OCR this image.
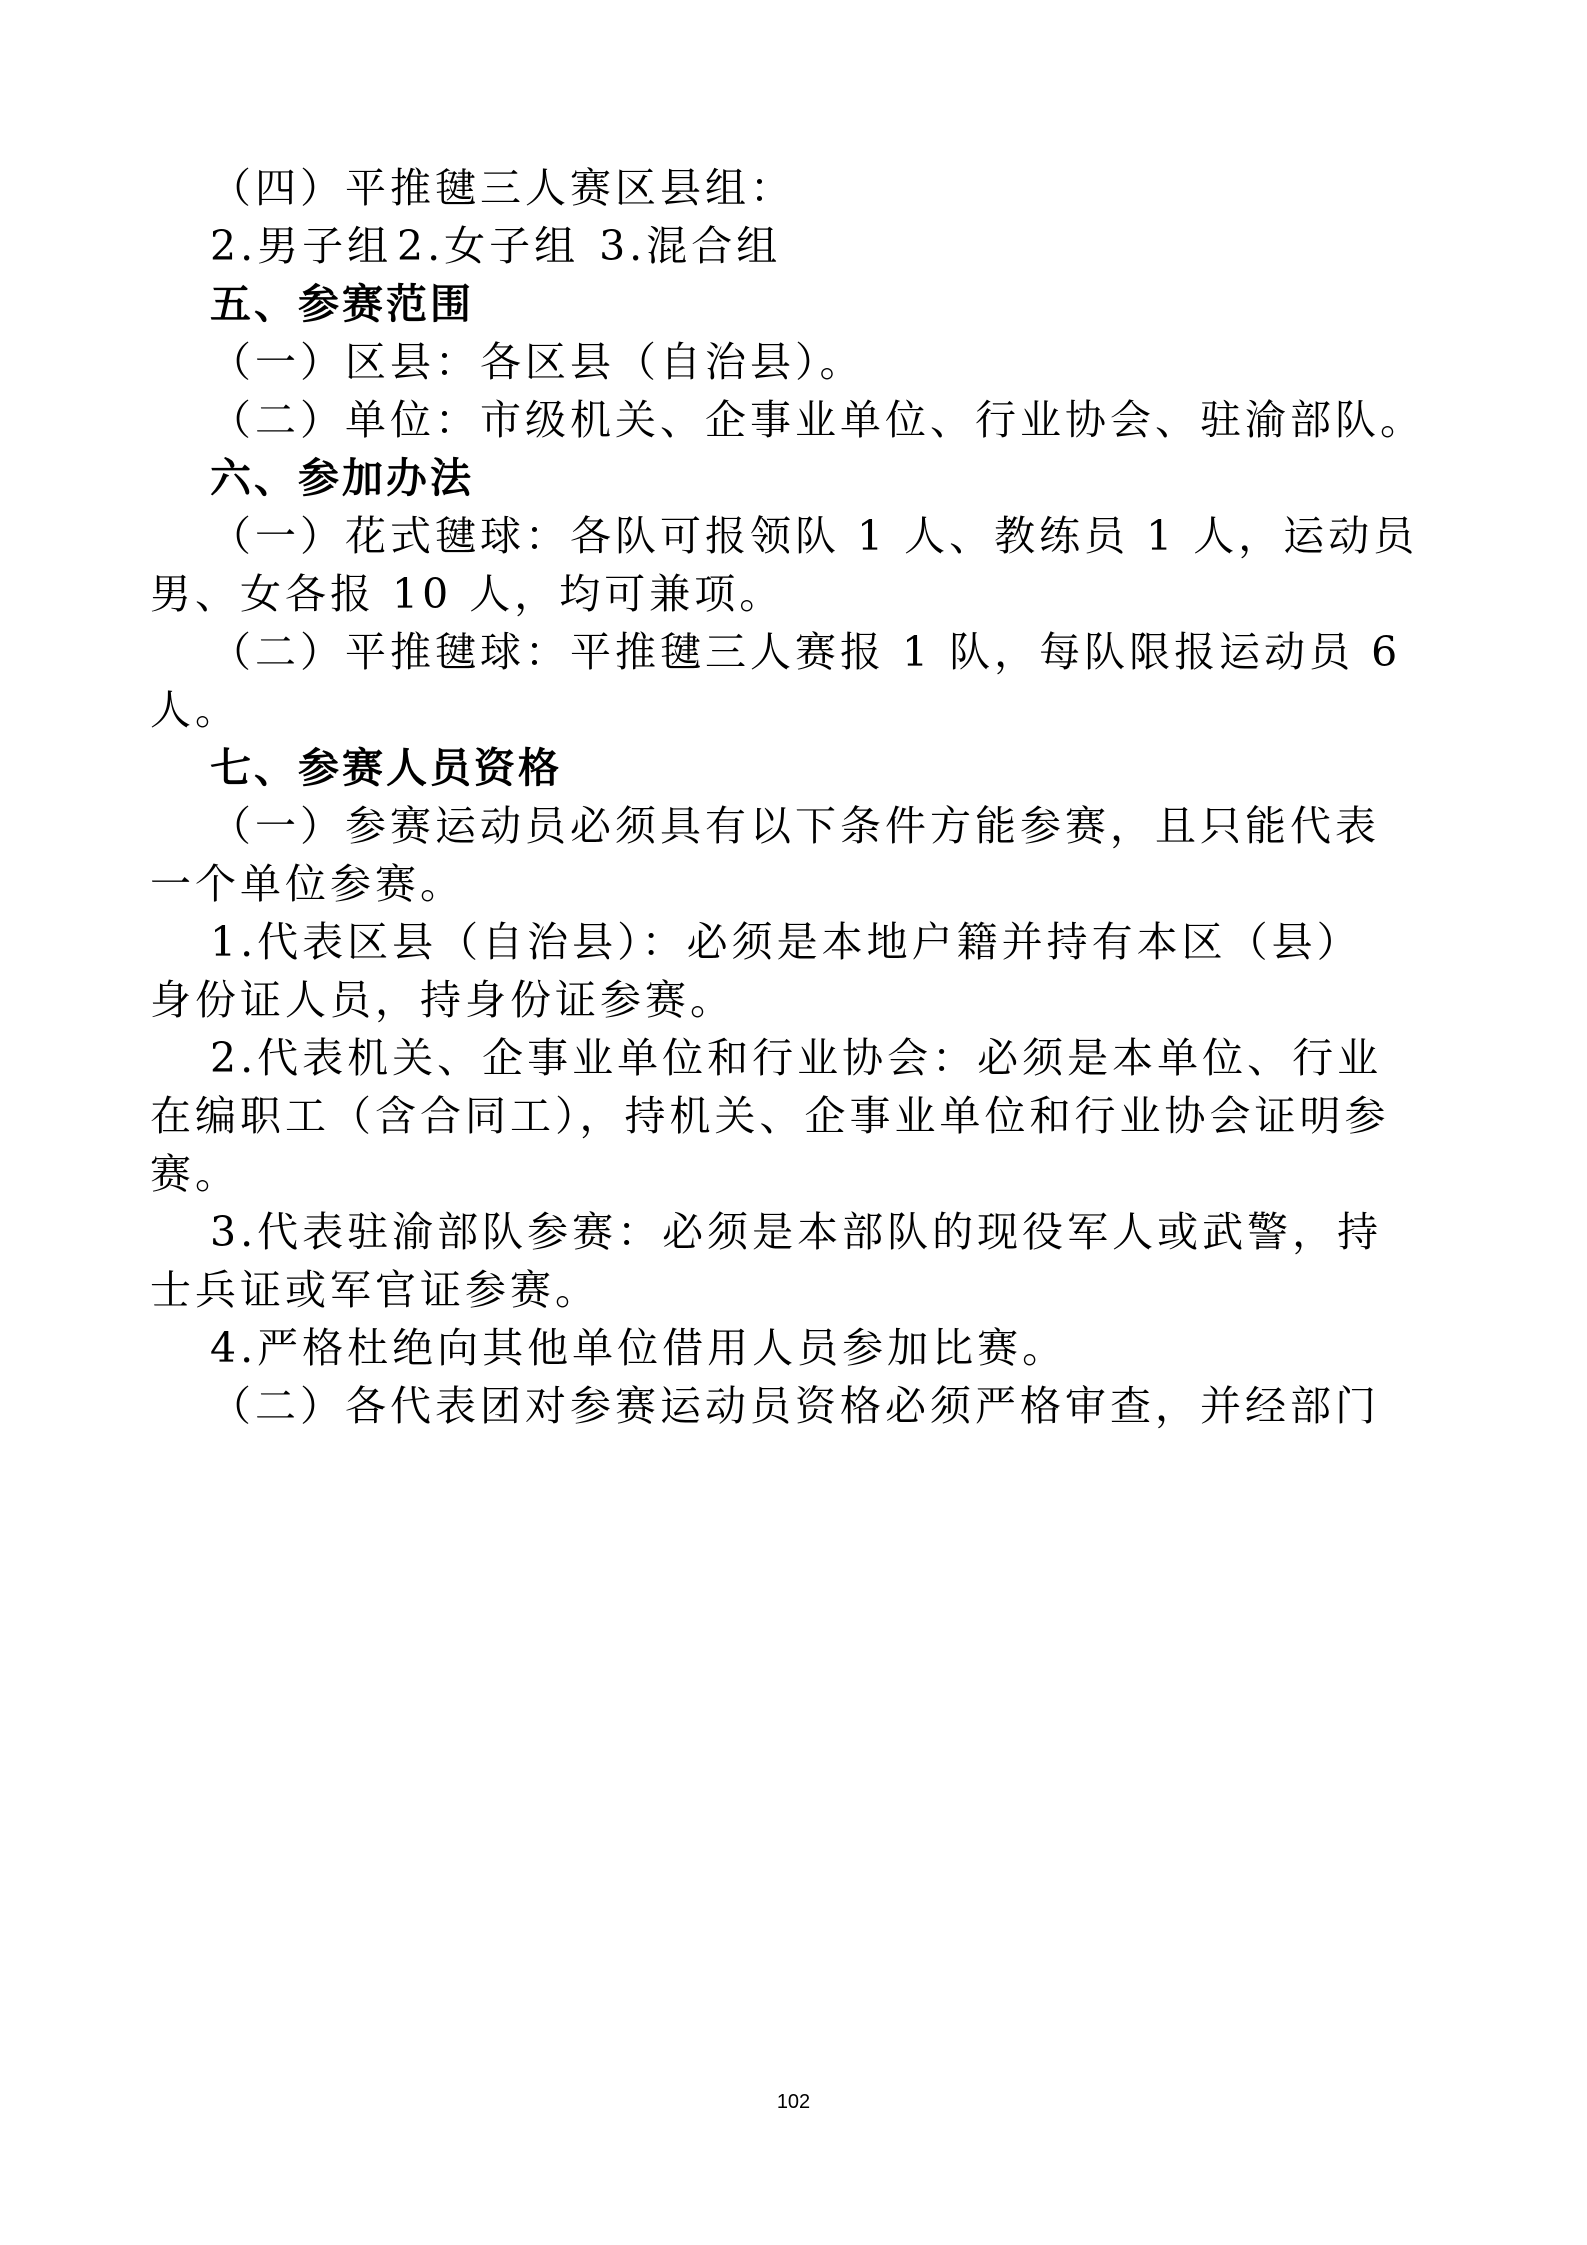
（四）平推毽三人赛区县组：
2.男子组 2.女子组 3.混合组
五、参赛范围
（一）区县：各区县（自治县）。
（二）单位：市级机关、企事业单位、行业协会、驻渝部队。
六、参加办法
（一）花式毽球：各队可报领队 1 人、教练员 1 人，运动员
男、女各报 10 人，均可兼项。
（二）平推毽球：平推毽三人赛报 1 队，每队限报运动员 6
人。
七、参赛人员资格
（一）参赛运动员必须具有以下条件方能参赛，且只能代表
一个单位参赛。
1.代表区县（自治县）：必须是本地户籍并持有本区（县）
身份证人员，持身份证参赛。
2.代表机关、企事业单位和行业协会：必须是本单位、行业
在编职工（含合同工），持机关、企事业单位和行业协会证明参
赛。
3.代表驻渝部队参赛：必须是本部队的现役军人或武警，持
士兵证或军官证参赛。
4.严格杜绝向其他单位借用人员参加比赛。
（二）各代表团对参赛运动员资格必须严格审查，并经部门
102
